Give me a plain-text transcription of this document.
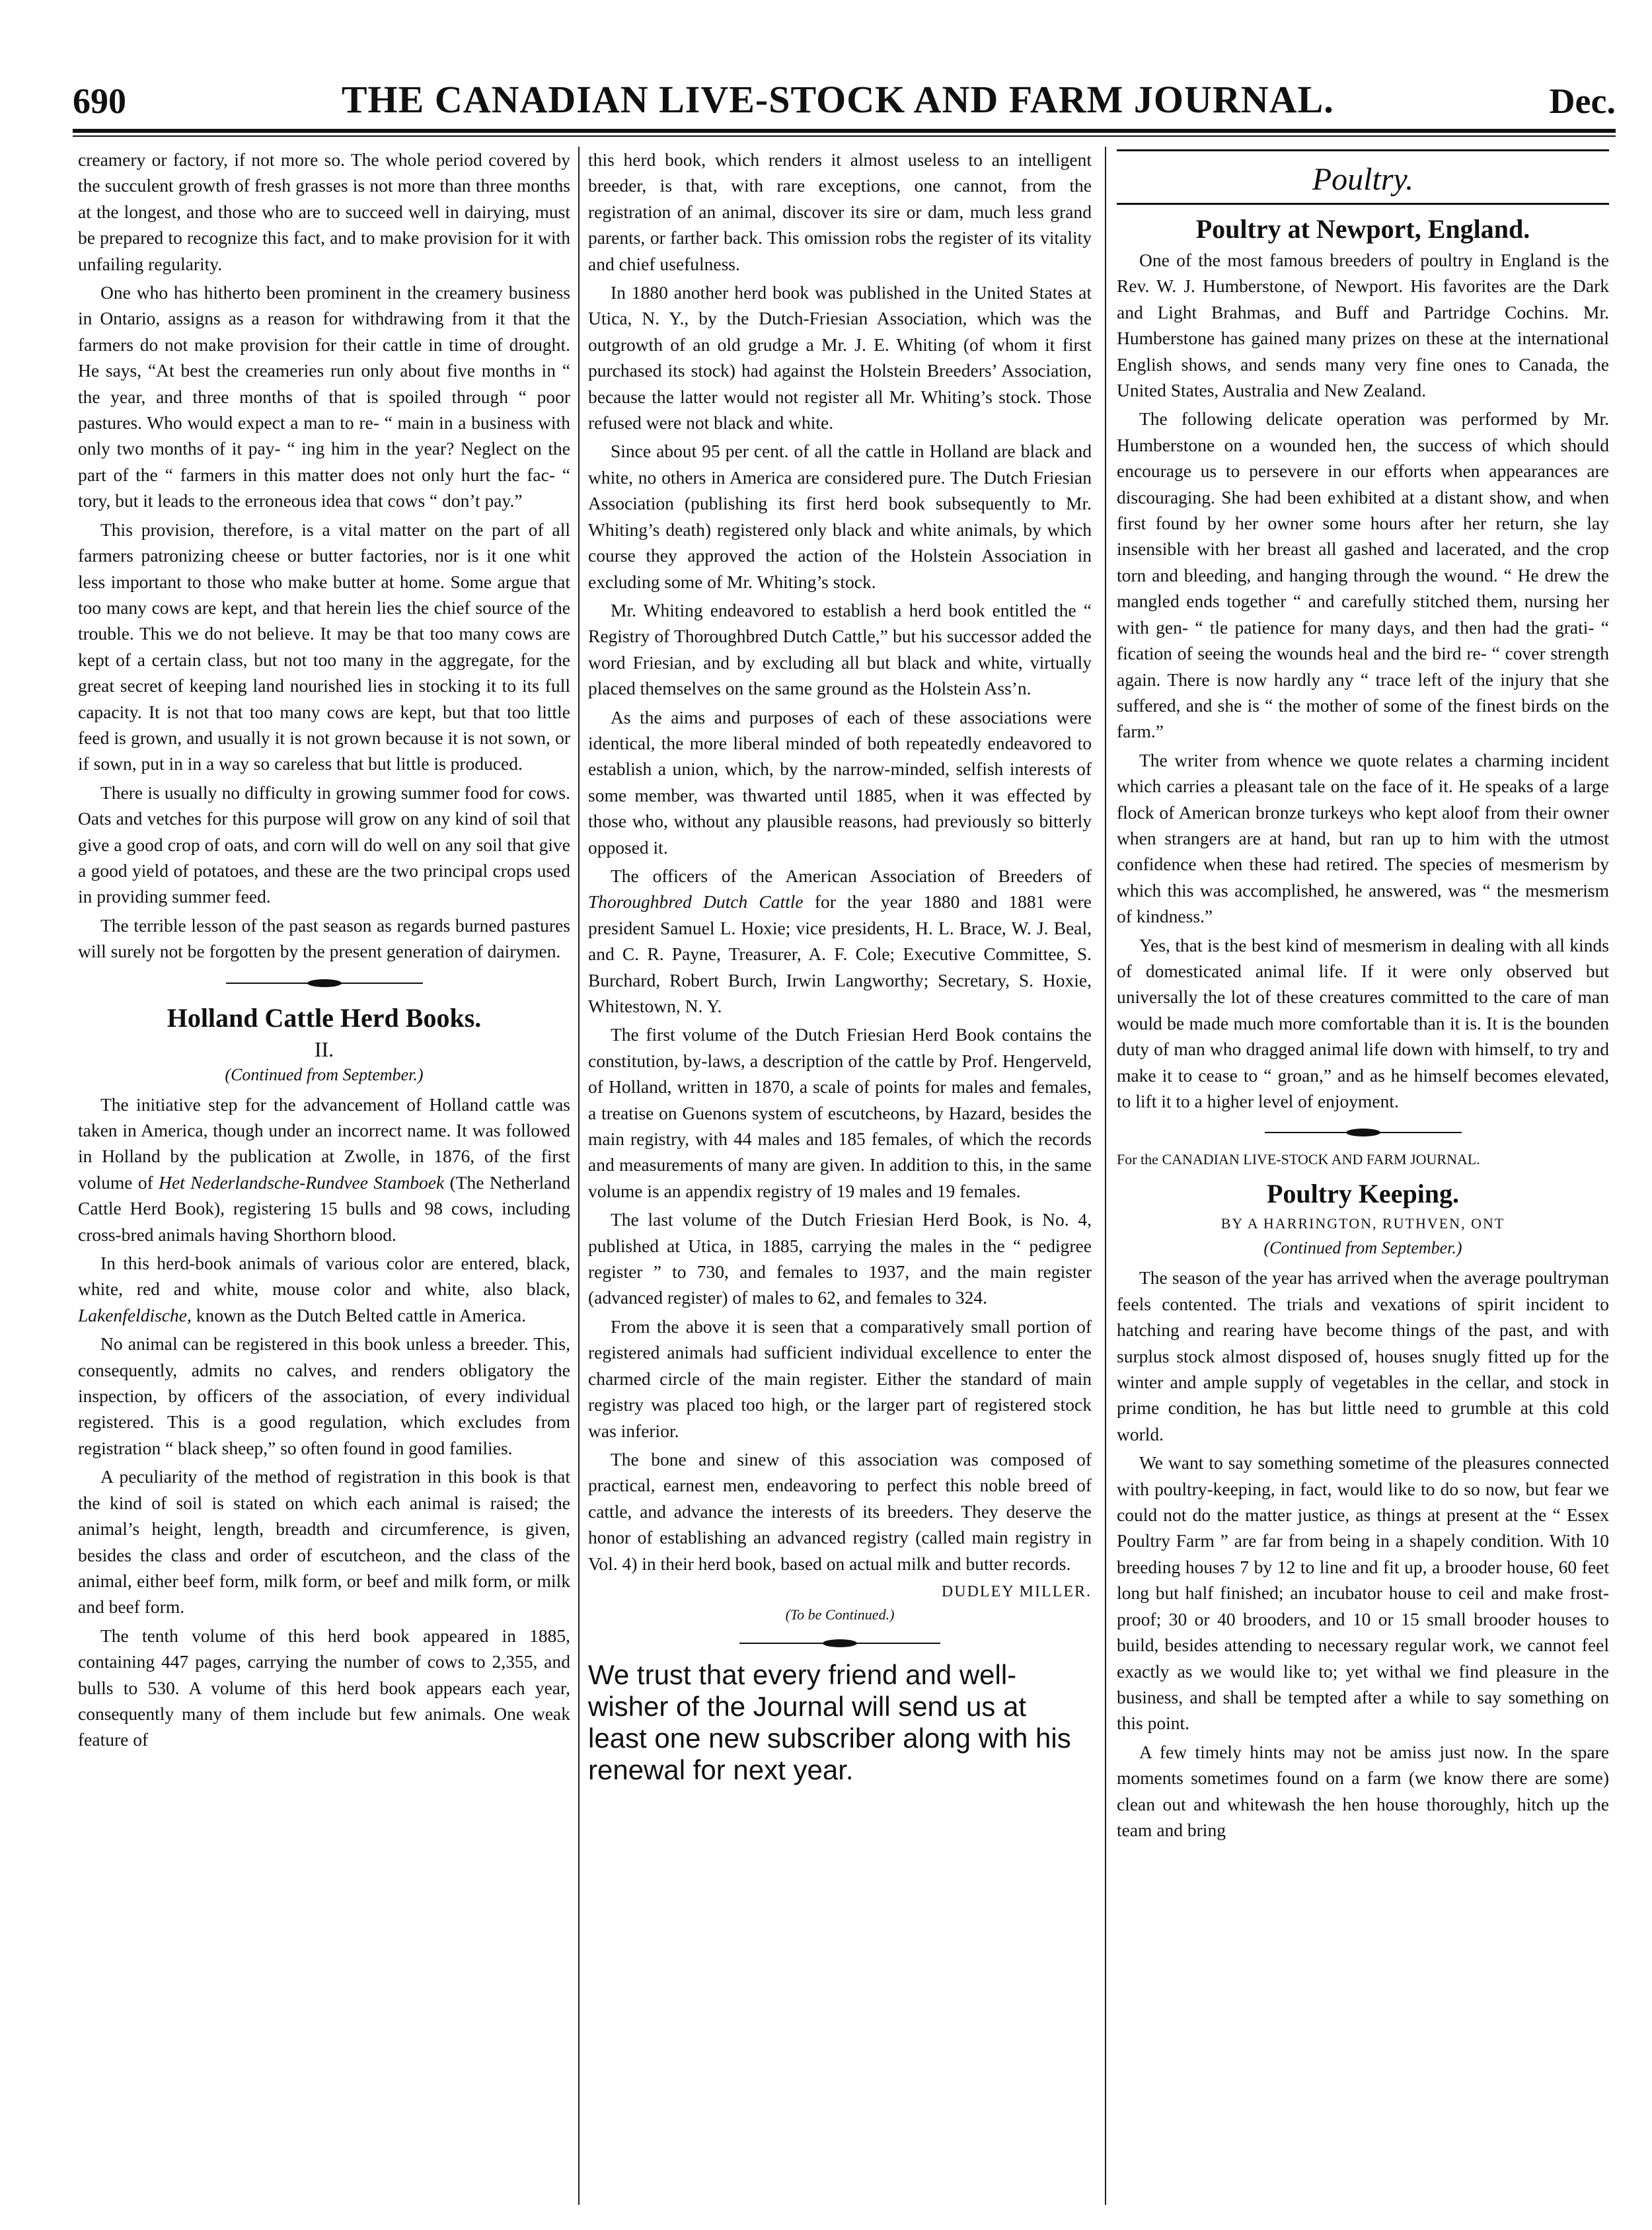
690	THE CANADIAN LIVE-STOCK AND FARM JOURNAL.	Dec.

creamery or factory, if not more so. The whole period covered by the succulent growth of fresh grasses is not more than three months at the longest, and those who are to succeed well in dairying, must be prepared to recognize this fact, and to make provision for it with unfailing regularity.

One who has hitherto been prominent in the creamery business in Ontario, assigns as a reason for withdrawing from it that the farmers do not make provision for their cattle in time of drought. He says, “At best the creameries run only about five months in “ the year, and three months of that is spoiled through “ poor pastures. Who would expect a man to re- “ main in a business with only two months of it pay- “ ing him in the year? Neglect on the part of the “ farmers in this matter does not only hurt the fac- “ tory, but it leads to the erroneous idea that cows “ don’t pay.”

This provision, therefore, is a vital matter on the part of all farmers patronizing cheese or butter factories, nor is it one whit less important to those who make butter at home. Some argue that too many cows are kept, and that herein lies the chief source of the trouble. This we do not believe. It may be that too many cows are kept of a certain class, but not too many in the aggregate, for the great secret of keeping land nourished lies in stocking it to its full capacity. It is not that too many cows are kept, but that too little feed is grown, and usually it is not grown because it is not sown, or if sown, put in in a way so careless that but little is produced.

There is usually no difficulty in growing summer food for cows. Oats and vetches for this purpose will grow on any kind of soil that give a good crop of oats, and corn will do well on any soil that give a good yield of potatoes, and these are the two principal crops used in providing summer feed.

The terrible lesson of the past season as regards burned pastures will surely not be forgotten by the present generation of dairymen.

Holland Cattle Herd Books.
II.
(Continued from September.)

The initiative step for the advancement of Holland cattle was taken in America, though under an incorrect name. It was followed in Holland by the publication at Zwolle, in 1876, of the first volume of Het Nederlandsche-Rundvee Stamboek (The Netherland Cattle Herd Book), registering 15 bulls and 98 cows, including cross-bred animals having Shorthorn blood.

In this herd-book animals of various color are entered, black, white, red and white, mouse color and white, also black, Lakenfeldische, known as the Dutch Belted cattle in America.

No animal can be registered in this book unless a breeder. This, consequently, admits no calves, and renders obligatory the inspection, by officers of the association, of every individual registered. This is a good regulation, which excludes from registration “ black sheep,” so often found in good families.

A peculiarity of the method of registration in this book is that the kind of soil is stated on which each animal is raised; the animal’s height, length, breadth and circumference, is given, besides the class and order of escutcheon, and the class of the animal, either beef form, milk form, or beef and milk form, or milk and beef form.

The tenth volume of this herd book appeared in 1885, containing 447 pages, carrying the number of cows to 2,355, and bulls to 530. A volume of this herd book appears each year, consequently many of them include but few animals. One weak feature of

this herd book, which renders it almost useless to an intelligent breeder, is that, with rare exceptions, one cannot, from the registration of an animal, discover its sire or dam, much less grand parents, or farther back. This omission robs the register of its vitality and chief usefulness.

In 1880 another herd book was published in the United States at Utica, N. Y., by the Dutch-Friesian Association, which was the outgrowth of an old grudge a Mr. J. E. Whiting (of whom it first purchased its stock) had against the Holstein Breeders’ Association, because the latter would not register all Mr. Whiting’s stock. Those refused were not black and white.

Since about 95 per cent. of all the cattle in Holland are black and white, no others in America are considered pure. The Dutch Friesian Association (publishing its first herd book subsequently to Mr. Whiting’s death) registered only black and white animals, by which course they approved the action of the Holstein Association in excluding some of Mr. Whiting’s stock.

Mr. Whiting endeavored to establish a herd book entitled the “ Registry of Thoroughbred Dutch Cattle,” but his successor added the word Friesian, and by excluding all but black and white, virtually placed themselves on the same ground as the Holstein Ass’n.

As the aims and purposes of each of these associations were identical, the more liberal minded of both repeatedly endeavored to establish a union, which, by the narrow-minded, selfish interests of some member, was thwarted until 1885, when it was effected by those who, without any plausible reasons, had previously so bitterly opposed it.

The officers of the American Association of Breeders of Thoroughbred Dutch Cattle for the year 1880 and 1881 were president Samuel L. Hoxie; vice presidents, H. L. Brace, W. J. Beal, and C. R. Payne, Treasurer, A. F. Cole; Executive Committee, S. Burchard, Robert Burch, Irwin Langworthy; Secretary, S. Hoxie, Whitestown, N. Y.

The first volume of the Dutch Friesian Herd Book contains the constitution, by-laws, a description of the cattle by Prof. Hengerveld, of Holland, written in 1870, a scale of points for males and females, a treatise on Guenons system of escutcheons, by Hazard, besides the main registry, with 44 males and 185 females, of which the records and measurements of many are given. In addition to this, in the same volume is an appendix registry of 19 males and 19 females.

The last volume of the Dutch Friesian Herd Book, is No. 4, published at Utica, in 1885, carrying the males in the “ pedigree register ” to 730, and females to 1937, and the main register (advanced register) of males to 62, and females to 324.

From the above it is seen that a comparatively small portion of registered animals had sufficient individual excellence to enter the charmed circle of the main register. Either the standard of main registry was placed too high, or the larger part of registered stock was inferior.

The bone and sinew of this association was composed of practical, earnest men, endeavoring to perfect this noble breed of cattle, and advance the interests of its breeders. They deserve the honor of establishing an advanced registry (called main registry in Vol. 4) in their herd book, based on actual milk and butter records.

DUDLEY MILLER.
(To be Continued.)
We trust that every friend and well-wisher of the Journal will send us at least one new subscriber along with his renewal for next year.
Poultry.
Poultry at Newport, England.

One of the most famous breeders of poultry in England is the Rev. W. J. Humberstone, of Newport. His favorites are the Dark and Light Brahmas, and Buff and Partridge Cochins. Mr. Humberstone has gained many prizes on these at the international English shows, and sends many very fine ones to Canada, the United States, Australia and New Zealand.

The following delicate operation was performed by Mr. Humberstone on a wounded hen, the success of which should encourage us to persevere in our efforts when appearances are discouraging. She had been exhibited at a distant show, and when first found by her owner some hours after her return, she lay insensible with her breast all gashed and lacerated, and the crop torn and bleeding, and hanging through the wound. “ He drew the mangled ends together “ and carefully stitched them, nursing her with gen- “ tle patience for many days, and then had the grati- “ fication of seeing the wounds heal and the bird re- “ cover strength again. There is now hardly any “ trace left of the injury that she suffered, and she is “ the mother of some of the finest birds on the farm.”

The writer from whence we quote relates a charming incident which carries a pleasant tale on the face of it. He speaks of a large flock of American bronze turkeys who kept aloof from their owner when strangers are at hand, but ran up to him with the utmost confidence when these had retired. The species of mesmerism by which this was accomplished, he answered, was “ the mesmerism of kindness.”

Yes, that is the best kind of mesmerism in dealing with all kinds of domesticated animal life. If it were only observed but universally the lot of these creatures committed to the care of man would be made much more comfortable than it is. It is the bounden duty of man who dragged animal life down with himself, to try and make it to cease to “ groan,” and as he himself becomes elevated, to lift it to a higher level of enjoyment.

For the CANADIAN LIVE-STOCK AND FARM JOURNAL.

Poultry Keeping.
BY A HARRINGTON, RUTHVEN, ONT
(Continued from September.)

The season of the year has arrived when the average poultryman feels contented. The trials and vexations of spirit incident to hatching and rearing have become things of the past, and with surplus stock almost disposed of, houses snugly fitted up for the winter and ample supply of vegetables in the cellar, and stock in prime condition, he has but little need to grumble at this cold world.

We want to say something sometime of the pleasures connected with poultry-keeping, in fact, would like to do so now, but fear we could not do the matter justice, as things at present at the “ Essex Poultry Farm ” are far from being in a shapely condition. With 10 breeding houses 7 by 12 to line and fit up, a brooder house, 60 feet long but half finished; an incubator house to ceil and make frost-proof; 30 or 40 brooders, and 10 or 15 small brooder houses to build, besides attending to necessary regular work, we cannot feel exactly as we would like to; yet withal we find pleasure in the business, and shall be tempted after a while to say something on this point.

A few timely hints may not be amiss just now. In the spare moments sometimes found on a farm (we know there are some) clean out and whitewash the hen house thoroughly, hitch up the team and bring
